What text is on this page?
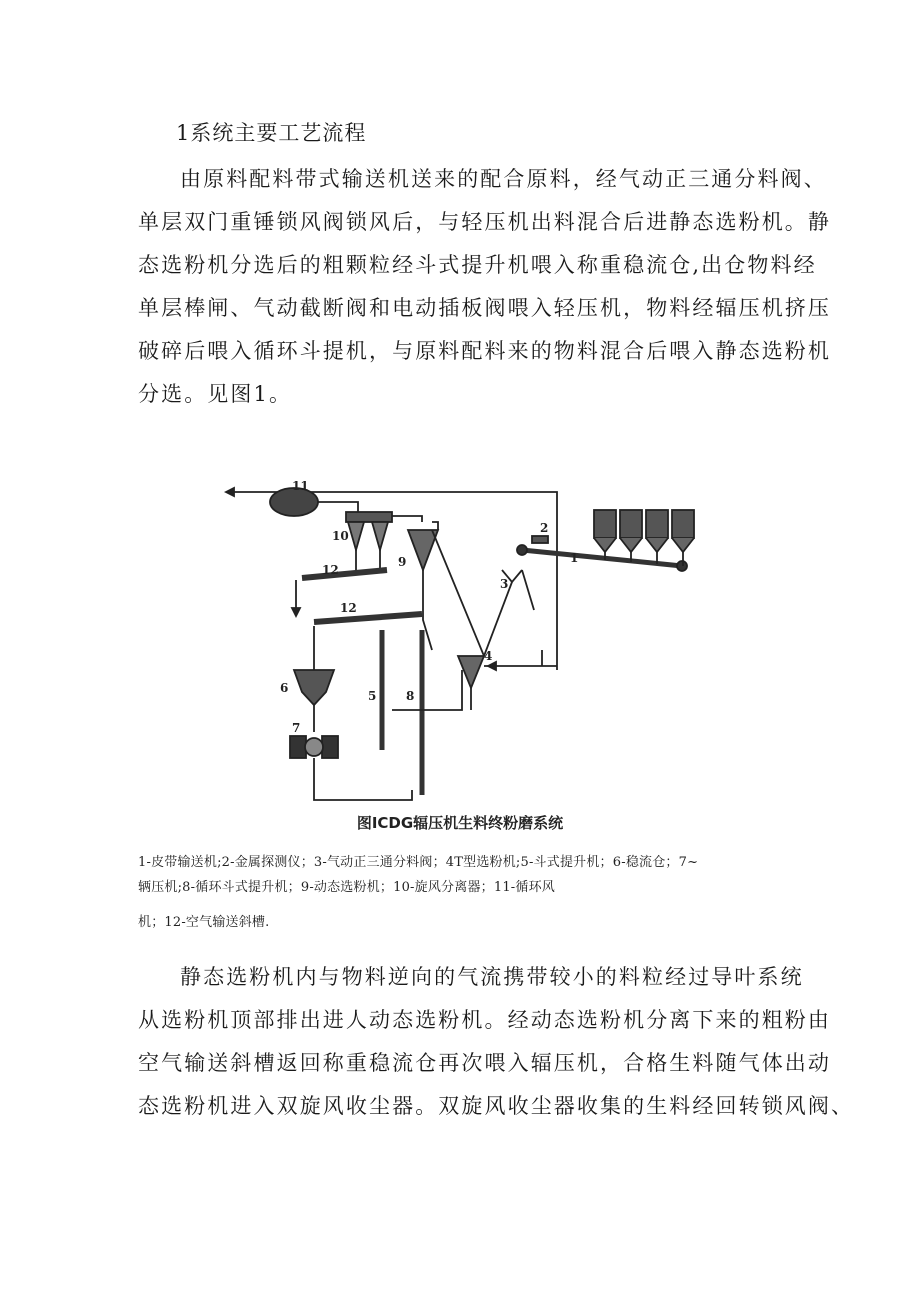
1系统主要工艺流程
由原料配料带式输送机送来的配合原料，经气动正三通分料阀、
单层双门重锤锁风阀锁风后，与轻压机出料混合后进静态选粉机。静
态选粉机分选后的粗颗粒经斗式提升机喂入称重稳流仓,出仓物料经
单层棒闸、气动截断阀和电动插板阀喂入轻压机，物料经辐压机挤压
破碎后喂入循环斗提机，与原料配料来的物料混合后喂入静态选粉机
分选。见图1。
11
10
9
12
12
2
1
3
4
5 8
6
7
图ICDG辐压机生料终粉磨系统
1-皮带输送机;2-金属探测仪；3-气动正三通分料阀；4T型选粉机;5-斗式提升机；6-稳流仓；7~
辆压机;8-循环斗式提升机；9-动态选粉机；10-旋风分离器；11-循环风
机；12-空气输送斜槽.
静态选粉机内与物料逆向的气流携带较小的料粒经过导叶系统
从选粉机顶部排出进人动态选粉机。经动态选粉机分离下来的粗粉由
空气输送斜槽返回称重稳流仓再次喂入辐压机，合格生料随气体出动
态选粉机进入双旋风收尘器。双旋风收尘器收集的生料经回转锁风阀、
